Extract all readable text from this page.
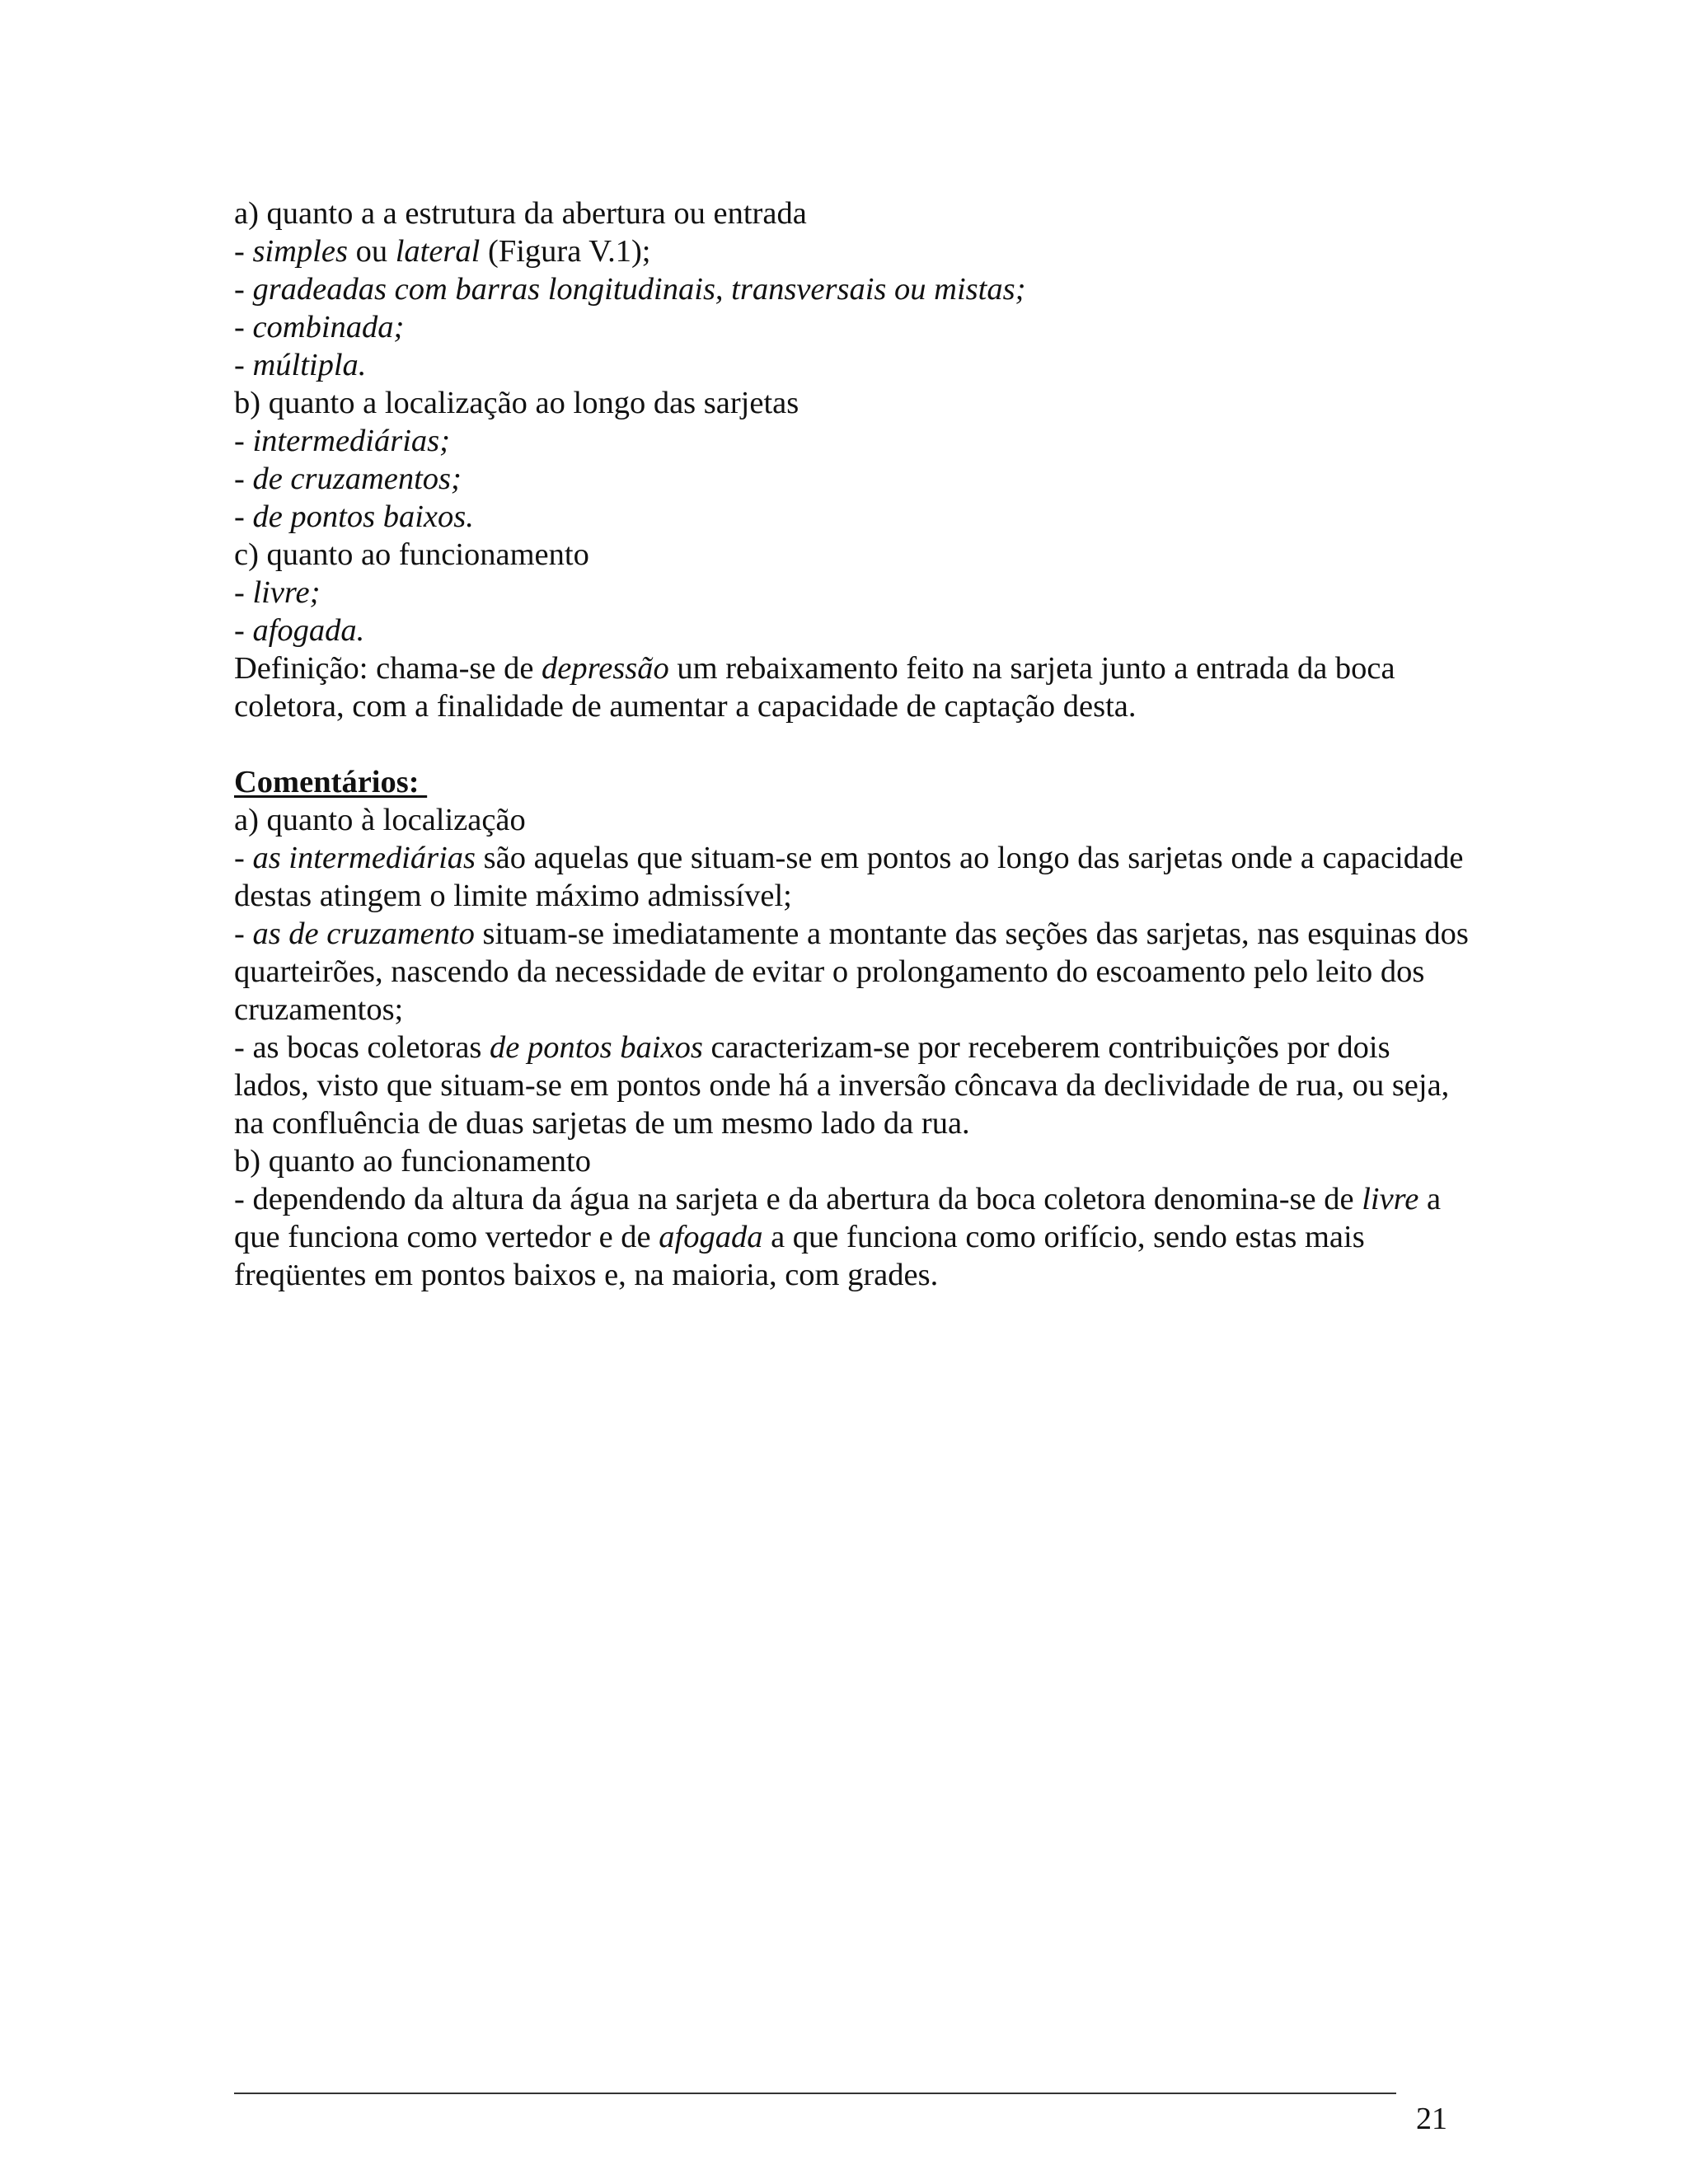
a) quanto a a estrutura da abertura ou entrada
- simples ou lateral (Figura V.1);
- gradeadas com barras longitudinais, transversais ou mistas;
- combinada;
- múltipla.
b) quanto a localização ao longo das sarjetas
- intermediárias;
- de cruzamentos;
- de pontos baixos.
c) quanto ao funcionamento
- livre;
- afogada.
Definição: chama-se de depressão um rebaixamento feito na sarjeta junto a entrada da boca coletora, com a finalidade de aumentar a capacidade de captação desta.
Comentários:
a) quanto à localização
- as intermediárias são aquelas que situam-se em pontos ao longo das sarjetas onde a capacidade destas atingem o limite máximo admissível;
- as de cruzamento situam-se imediatamente a montante das seções das sarjetas, nas esquinas dos quarteirões, nascendo da necessidade de evitar o prolongamento do escoamento pelo leito dos cruzamentos;
- as bocas coletoras de pontos baixos caracterizam-se por receberem contribuições por dois lados, visto que situam-se em pontos onde há a inversão côncava da declividade de rua, ou seja, na confluência de duas sarjetas de um mesmo lado da rua.
b) quanto ao funcionamento
- dependendo da altura da água na sarjeta e da abertura da boca coletora denomina-se de livre a que funciona como vertedor e de afogada a que funciona como orifício, sendo estas mais freqüentes em pontos baixos e, na maioria, com grades.
21
